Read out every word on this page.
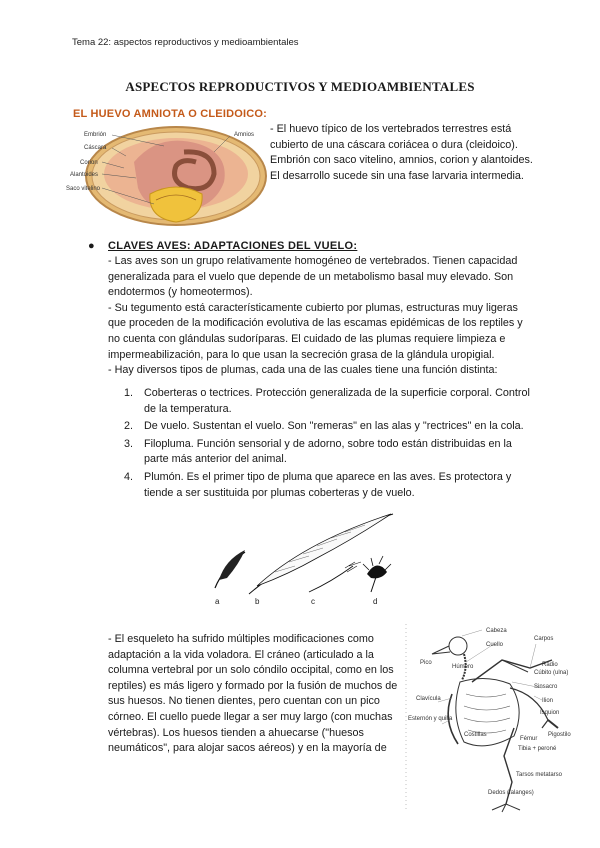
Tema 22: aspectos reproductivos y medioambientales
ASPECTOS REPRODUCTIVOS Y MEDIOAMBIENTALES
EL HUEVO AMNIOTA O CLEIDOICO:
Embrión
Cáscara
Corion
Alantoides
Saco vitelino
Amnios - El huevo típico de los vertebrados terrestres está cubierto de una cáscara coriácea o dura (cleidoico). Embrión con saco vitelino, amnios, corion y alantoides. El desarrollo sucede sin una fase larvaria intermedia.
● CLAVES AVES: ADAPTACIONES DEL VUELO:

- Las aves son un grupo relativamente homogéneo de vertebrados. Tienen capacidad generalizada para el vuelo que depende de un metabolismo basal muy elevado. Son endotermos (y homeotermos).

- Su tegumento está característicamente cubierto por plumas, estructuras muy ligeras que proceden de la modificación evolutiva de las escamas epidémicas de los reptiles y no cuenta con glándulas sudoríparas. El cuidado de las plumas requiere limpieza e impermeabilización, para lo que usan la secreción grasa de la glándula uropigial.

- Hay diversos tipos de plumas, cada una de las cuales tiene una función distinta:

1.	Coberteras o tectrices. Protección generalizada de la superficie corporal. Control de la temperatura.
2.	De vuelo. Sustentan el vuelo. Son "remeras" en las alas y "rectrices" en la cola.
3.	Filopluma. Función sensorial y de adorno, sobre todo están distribuidas en la parte más anterior del animal.
4.	Plumón. Es el primer tipo de pluma que aparece en las aves. Es protectora y tiende a ser sustituida por plumas coberteras y de vuelo.
a	b	c	d
- El esqueleto ha sufrido múltiples modificaciones como adaptación a la vida voladora. El cráneo (articulado a la columna vertebral por un solo cóndilo occipital, como en los reptiles) es más ligero y formado por la fusión de muchos de sus huesos. No tienen dientes, pero cuentan con un pico córneo. El cuello puede llegar a ser muy largo (con muchas vértebras). Los huesos tienden a ahuecarse ("huesos neumáticos", para alojar sacos aéreos) y en la mayoría de
Cabeza
Cuello
Carpos
Pico
Húmero	Radio
Cúbito (ulna)
Sinsacro
Clavícula	Ilion
Esternón y quilla
Isquion
Costillas
Fémur
Pigostilo
Tibia + peroné
Tarsos metatarso
Dedos (falanges)
